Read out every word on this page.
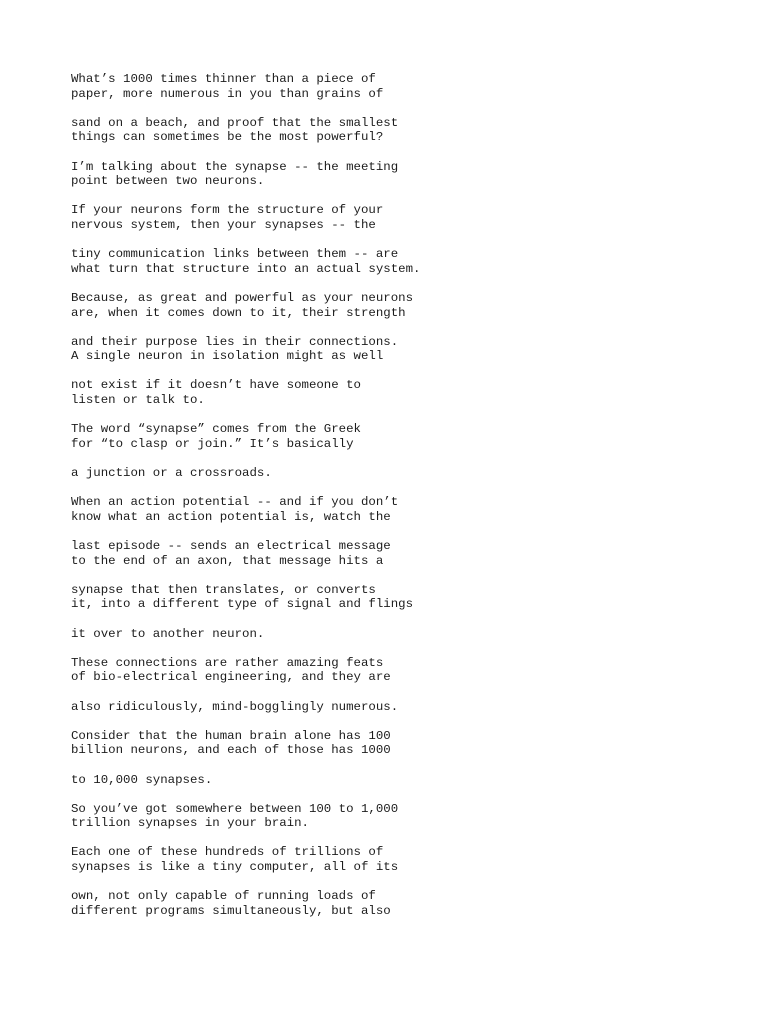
What’s 1000 times thinner than a piece of
paper, more numerous in you than grains of
sand on a beach, and proof that the smallest
things can sometimes be the most powerful?
I’m talking about the synapse -- the meeting
point between two neurons.
If your neurons form the structure of your
nervous system, then your synapses -- the
tiny communication links between them -- are
what turn that structure into an actual system.
Because, as great and powerful as your neurons
are, when it comes down to it, their strength
and their purpose lies in their connections.
A single neuron in isolation might as well
not exist if it doesn’t have someone to
listen or talk to.
The word “synapse” comes from the Greek
for “to clasp or join.” It’s basically
a junction or a crossroads.
When an action potential -- and if you don’t
know what an action potential is, watch the
last episode -- sends an electrical message
to the end of an axon, that message hits a
synapse that then translates, or converts
it, into a different type of signal and flings
it over to another neuron.
These connections are rather amazing feats
of bio-electrical engineering, and they are
also ridiculously, mind-bogglingly numerous.
Consider that the human brain alone has 100
billion neurons, and each of those has 1000
to 10,000 synapses.
So you’ve got somewhere between 100 to 1,000
trillion synapses in your brain.
Each one of these hundreds of trillions of
synapses is like a tiny computer, all of its
own, not only capable of running loads of
different programs simultaneously, but also
